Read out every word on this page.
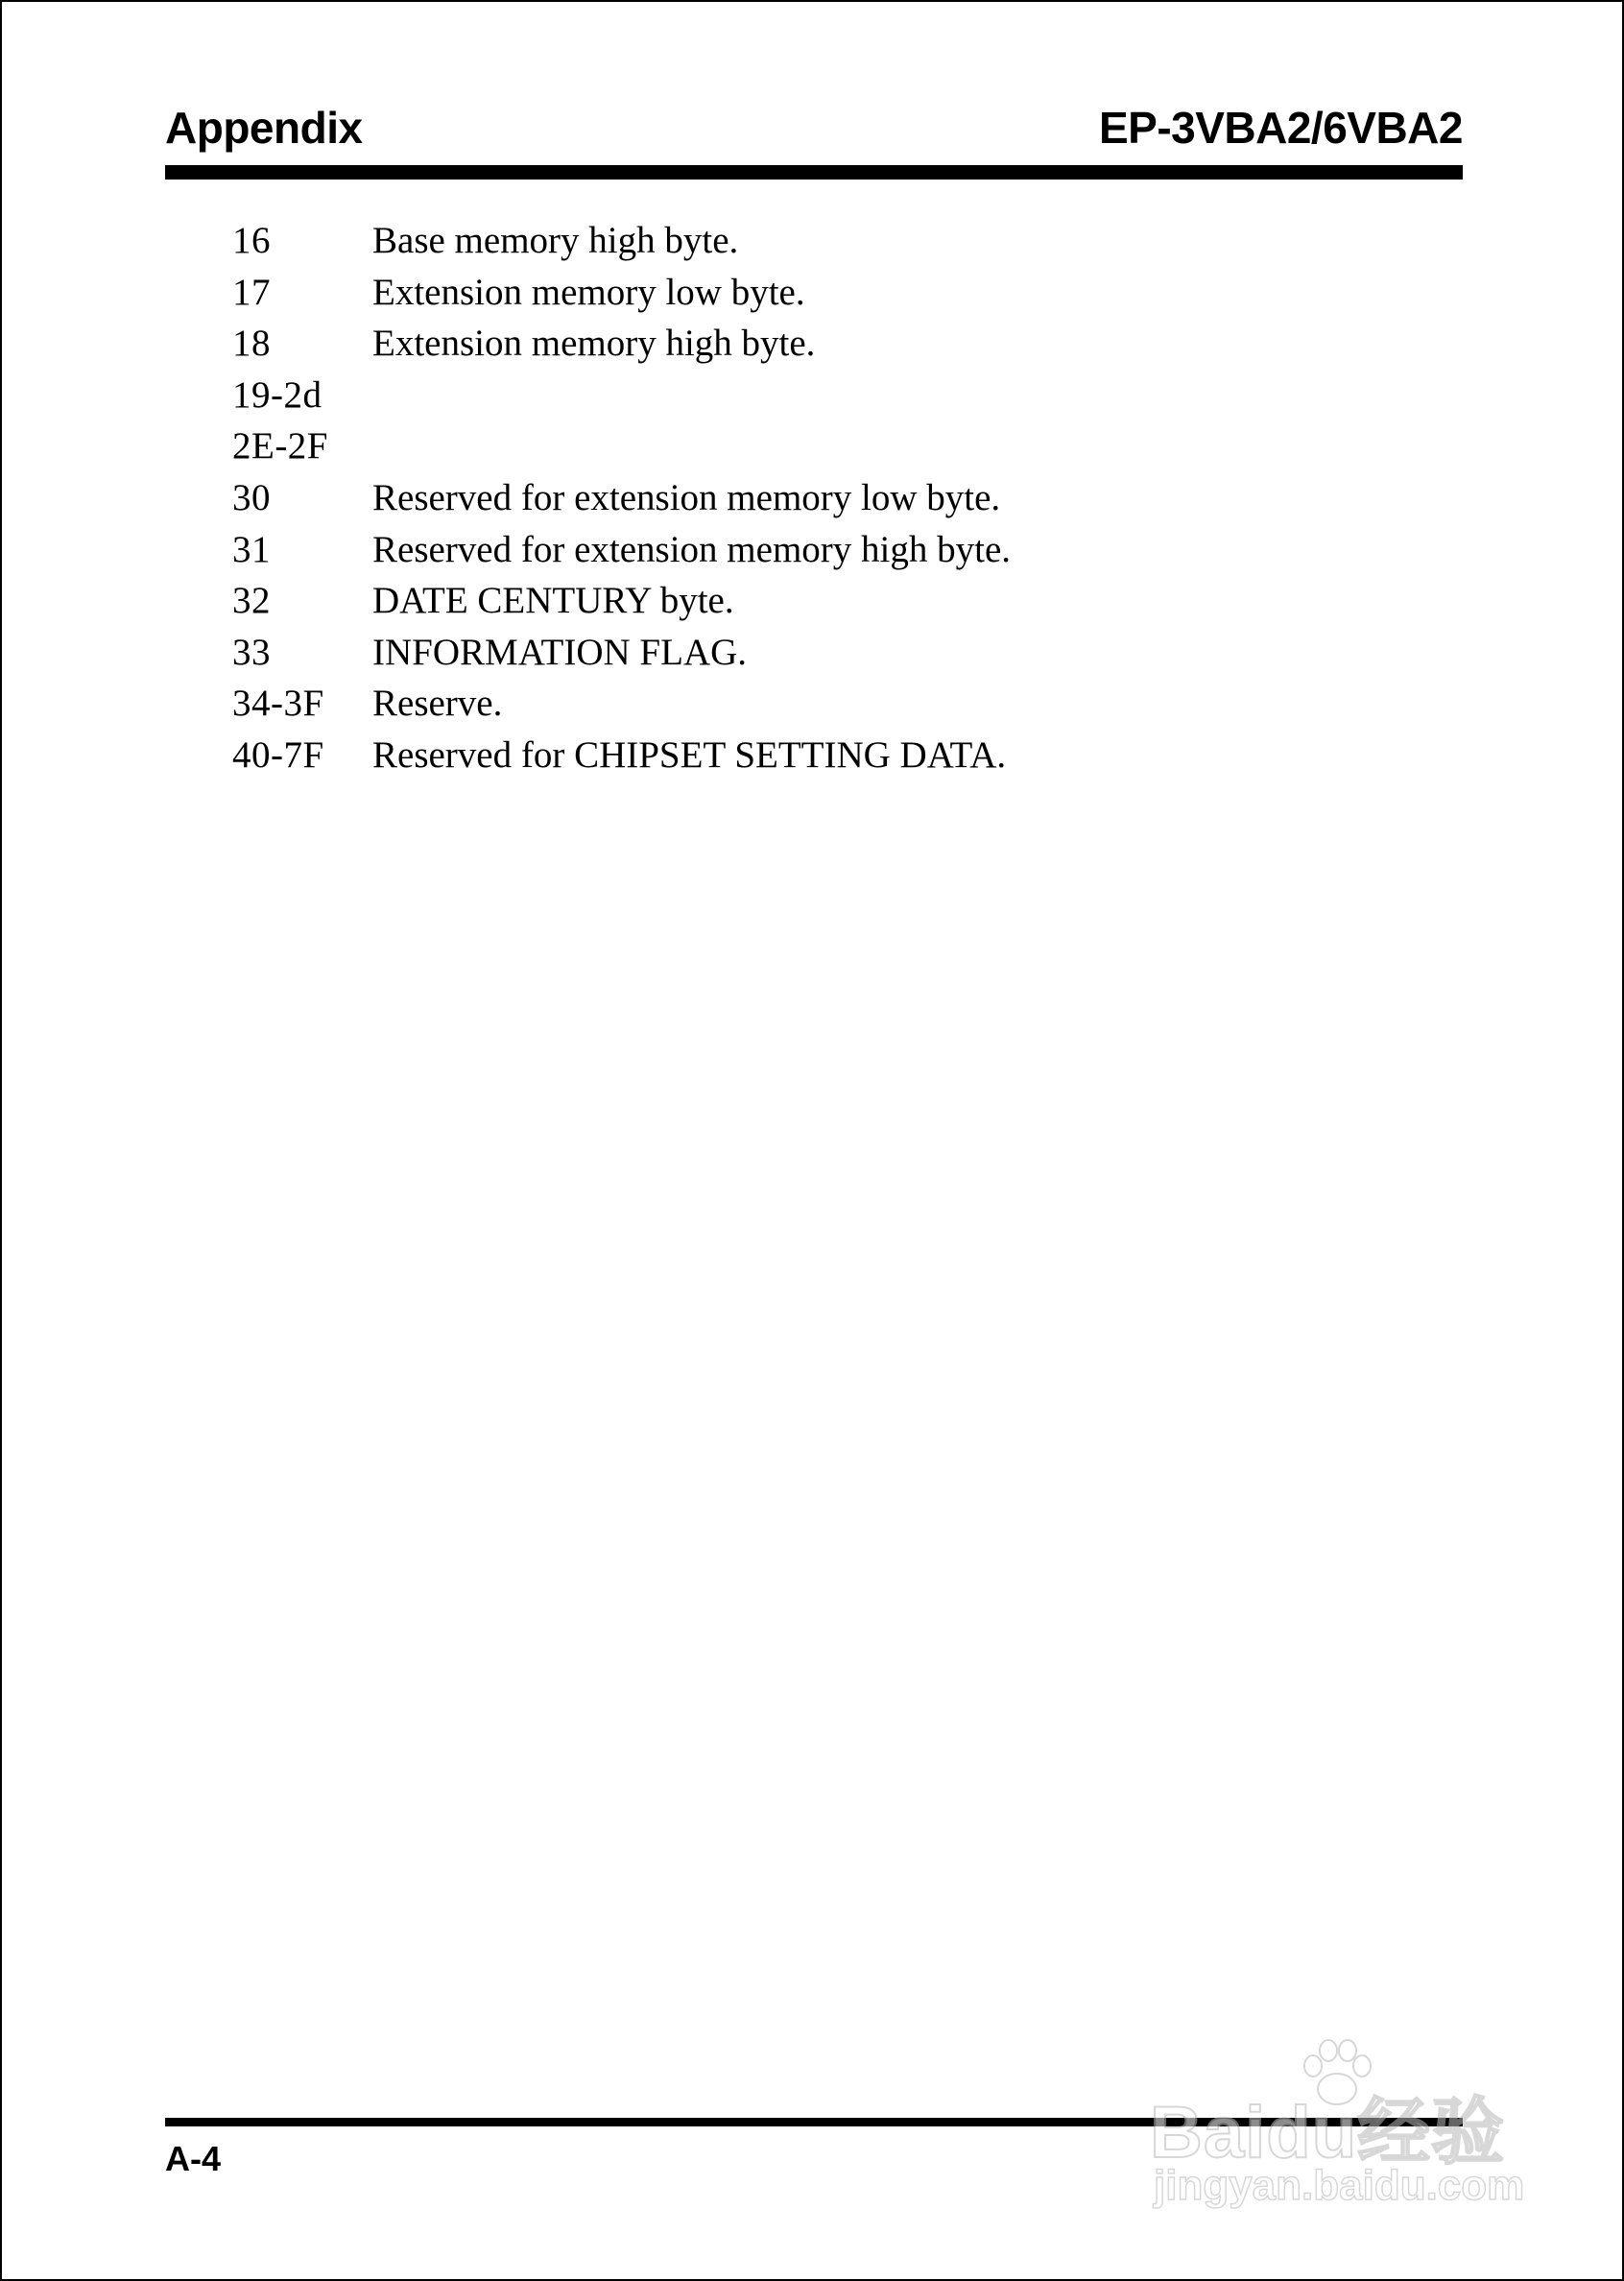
Appendix	EP-3VBA2/6VBA2
16	Base memory high byte.
17	Extension memory low byte.
18	Extension memory high byte.
19-2d
2E-2F
30	Reserved for extension memory low byte.
31	Reserved for extension memory high byte.
32	DATE CENTURY byte.
33	INFORMATION FLAG.
34-3F Reserve.
40-7F Reserved for CHIPSET SETTING DATA.
A-4	Baidu经验
jingyan.baidu.com
